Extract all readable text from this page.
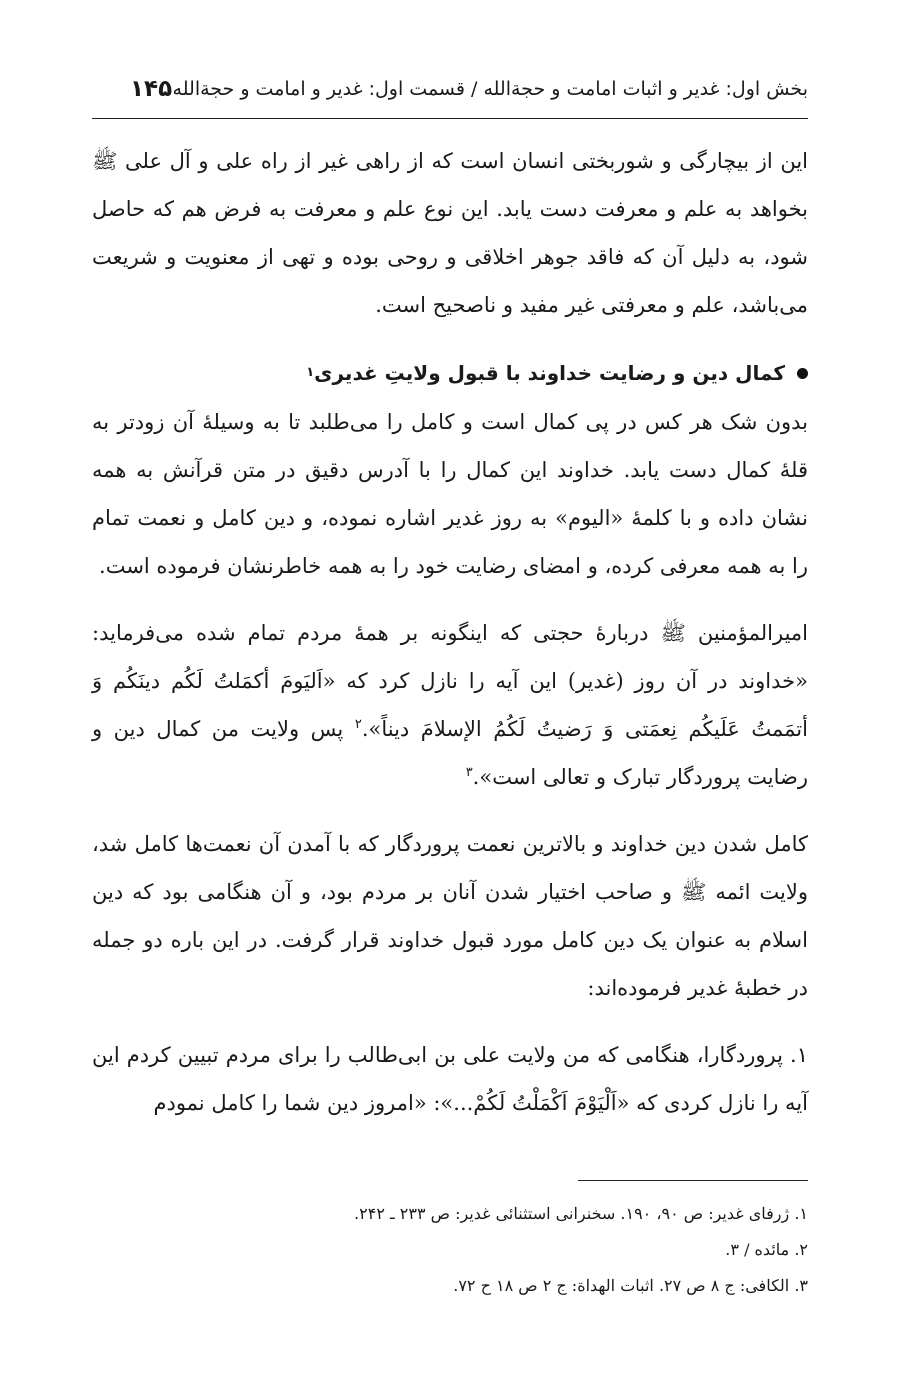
بخش اول: غدیر و اثبات امامت و حجةالله / قسمت اول: غدیر و امامت و حجةالله
۱۴۵

این از بیچارگی و شوربختی انسان است که از راهی غیر از راه علی و آل علی ﷺ بخواهد به علم و معرفت دست یابد. این نوع علم و معرفت به فرض هم که حاصل شود، به دلیل آن که فاقد جوهر اخلاقی و روحی بوده و تهی از معنویت و شریعت می‌باشد، علم و معرفتی غیر مفید و ناصحیح است.

کمال دین و رضایت خداوند با قبول ولایتِ غدیری
۱

بدون شک هر کس در پی کمال است و کامل را می‌طلبد تا به وسیلهٔ آن زودتر به قلهٔ کمال دست یابد. خداوند این کمال را با آدرس دقیق در متن قرآنش به همه نشان داده و با کلمهٔ «الیوم» به روز غدیر اشاره نموده، و دین کامل و نعمت تمام را به همه معرفی کرده، و امضای رضایت خود را به همه خاطرنشان فرموده است.

امیرالمؤمنین ﷺ دربارهٔ حجتی که اینگونه بر همهٔ مردم تمام شده می‌فرماید: «خداوند در آن روز (غدیر) این آیه را نازل کرد که «اَلیَومَ أکمَلتُ لَکُم دینَکُم وَ أتمَمتُ عَلَیکُم نِعمَتی وَ رَضیتُ لَکُمُ الإسلامَ دیناً».$^۲$ پس ولایت من کمال دین و رضایت پروردگار تبارک و تعالی است».$^۳$

کامل شدن دین خداوند و بالاترین نعمت پروردگار که با آمدن آن نعمت‌ها کامل شد، ولایت ائمه ﷺ و صاحب اختیار شدن آنان بر مردم بود، و آن هنگامی بود که دین اسلام به عنوان یک دین کامل مورد قبول خداوند قرار گرفت. در این باره دو جمله در خطبهٔ غدیر فرموده‌اند:

۱. پروردگارا، هنگامی که من ولایت علی بن ابی‌طالب را برای مردم تبیین کردم این آیه را نازل کردی که «اَلْیَوْمَ اَکْمَلْتُ لَکُمْ...»: «امروز دین شما را کامل نمودم

۱. ژرفای غدیر: ص ۹۰، ۱۹۰. سخنرانی استثنائی غدیر: ص ۲۳۳ ـ ۲۴۲.

۲. مائده / ۳.

۳. الکافی: ج ۸ ص ۲۷. اثبات الهداة: ج ۲ ص ۱۸ ح ۷۲.
